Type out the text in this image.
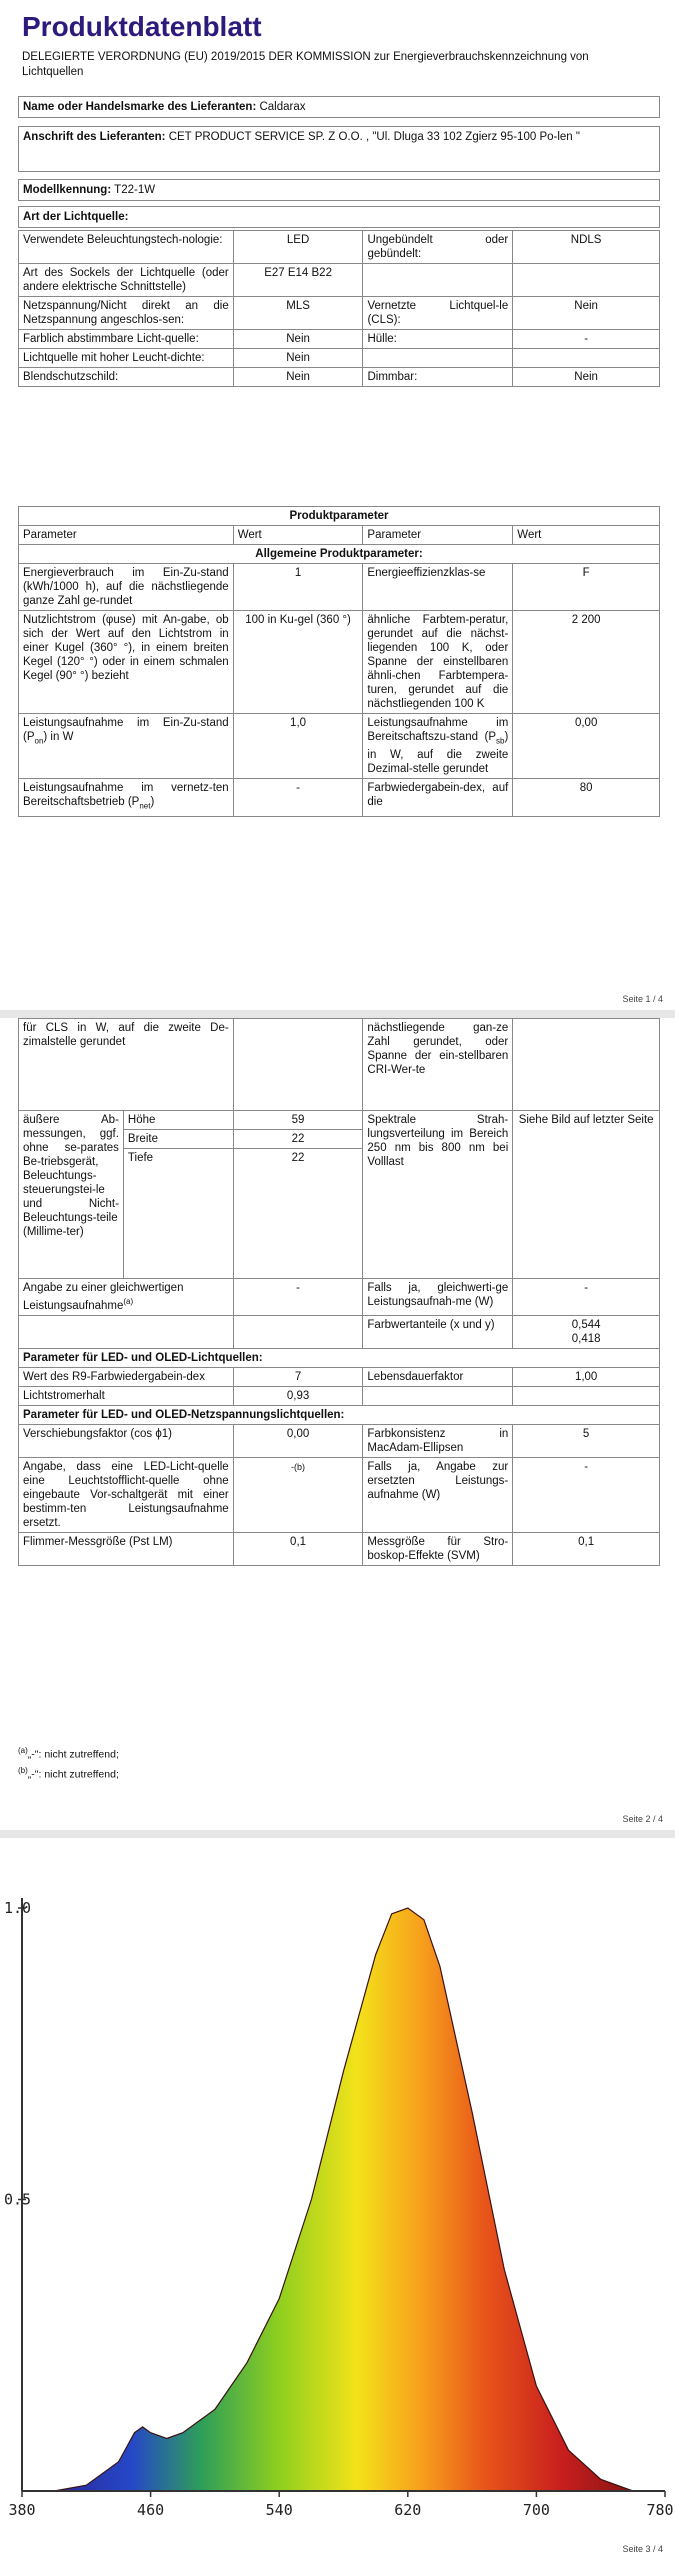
Produktdatenblatt
DELEGIERTE VERORDNUNG (EU) 2019/2015 DER KOMMISSION zur Energieverbrauchskennzeichnung von Lichtquellen
Name oder Handelsmarke des Lieferanten: Caldarax
Anschrift des Lieferanten: CET PRODUCT SERVICE SP. Z O.O. , "Ul. Dluga 33 102 Zgierz 95-100 Po-len "
Modellkennung: T22-1W
Art der Lichtquelle:
Verwendete Beleuchtungstech-nologie:	LED	Ungebündelt oder gebündelt:	NDLS
Art des Sockels der Lichtquelle (oder andere elektrische Schnittstelle)	E27 E14 B22		
Netzspannung/Nicht direkt an die Netzspannung angeschlos-sen:	MLS	Vernetzte Lichtquel-le (CLS):	Nein
Farblich abstimmbare Licht-quelle:	Nein	Hülle:	-
Lichtquelle mit hoher Leucht-dichte:	Nein		
Blendschutzschild:	Nein	Dimmbar:	Nein
Produktparameter			
Parameter	Wert	Parameter	Wert
Allgemeine Produktparameter:			
Energieverbrauch im Ein-Zu-stand (kWh/1000 h), auf die nächstliegende ganze Zahl ge-rundet	1	Energieeffizienzklas-se	F
Nutzlichtstrom (φuse) mit An-gabe, ob sich der Wert auf den Lichtstrom in einer Kugel (360° °), in einem breiten Kegel (120° °) oder in einem schmalen Kegel (90° °) bezieht	100 in Ku-gel (360 °)	ähnliche Farbtem-peratur, gerundet auf die nächst-liegenden 100 K, oder Spanne der einstellbaren ähnli-chen Farbtempera-turen, gerundet auf die nächstliegenden 100 K	2 200
Leistungsaufnahme im Ein-Zu-stand $(P_{on})$ in W	1,0	Leistungsaufnahme im Bereitschaftszu-stand $(P_{sb})$ in W, auf die zweite Dezimal-stelle gerundet	0,00
Leistungsaufnahme im vernetz-ten Bereitschaftsbetrieb $(P_{net})$	-	Farbwiedergabein-dex, auf die	80
Seite 1 / 4
für CLS in W, auf die zweite De-zimalstelle gerundet			nächstliegende gan-ze Zahl gerundet, oder Spanne der ein-stellbaren CRI-Wer-te	
äußere Ab-messungen, ggf. ohne se-parates Be-triebsgerät, Beleuchtungs-steuerungstei-le und Nicht-Beleuchtungs-teile (Millime-ter)	Höhe	59	Spektrale Strah-lungsverteilung im Bereich 250 nm bis 800 nm bei Volllast	Siehe Bild auf letzter Seite
	Breite	22		
	Tiefe	22		
Angabe zu einer gleichwertigen Leistungsaufnahme$^{(a)}$		-	Falls ja, gleichwerti-ge Leistungsaufnah-me (W)	-
			Farbwertanteile (x und y)	0,544
0,418

Parameter für LED- und OLED-Lichtquellen:				
Wert des R9-Farbwiedergabein-dex		7	Lebensdauerfaktor	1,00
Lichtstromerhalt		0,93		
Parameter für LED- und OLED-Netzspannungslichtquellen:				
Verschiebungsfaktor (cos ϕ1)		0,00	Farbkonsistenz in MacAdam-Ellipsen	5
Angabe, dass eine LED-Licht-quelle eine Leuchtstofflicht-quelle ohne eingebaute Vor-schaltgerät mit einer bestimm-ten Leistungsaufnahme ersetzt.		-(b)	Falls ja, Angabe zur ersetzten Leistungs-aufnahme (W)	-
Flimmer-Messgröße (Pst LM)		0,1	Messgröße für Stro-boskop-Effekte (SVM)	0,1
$^{(a)}$„-": nicht zutreffend;
$^{(b)}$„-": nicht zutreffend;
Seite 2 / 4
380	460	540	620	700	780
1.0
0.5
Seite 3 / 4
